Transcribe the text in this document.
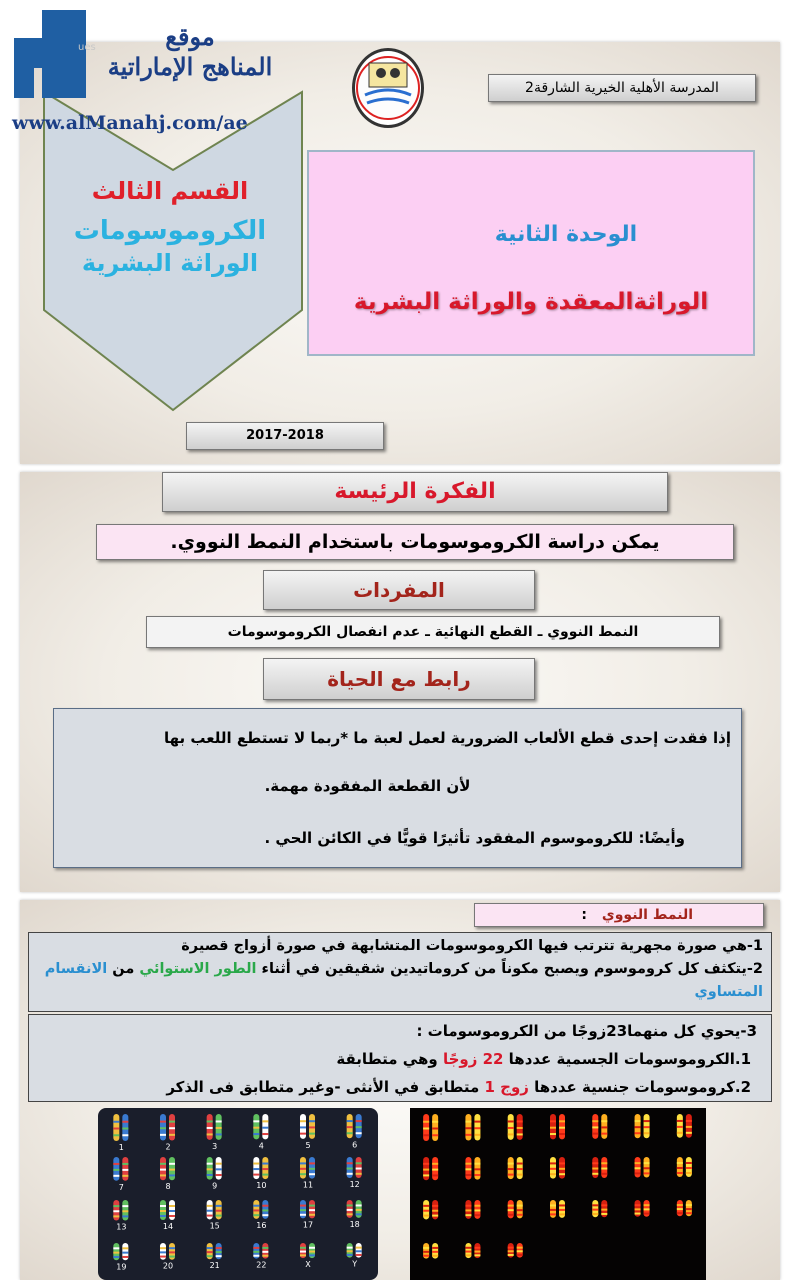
المدرسة الأهلية الخيرية الشارقة2
القسم الثالث
الكروموسومات
الوراثة البشرية
الوحدة الثانية
الوراثةالمعقدة والوراثة البشرية
2017-2018
الفكرة الرئيسة
يمكن دراسة الكروموسومات باستخدام النمط النووي.
المفردات
النمط النووي ـ القطع النهائية ـ عدم انفصال الكروموسومات
رابط مع الحياة
إذا فقدت إحدى قطع الألعاب الضرورية لعمل لعبة ما *ربما لا تستطع اللعب بها
لأن القطعة المفقودة مهمة.
وأيضًا: للكروموسوم المفقود تأثيرًا قويًّا في الكائن الحي .
النمط النووي :
1-هي صورة مجهرية تترتب فيها الكروموسومات المتشابهة في صورة أزواج قصيرة
2-يتكثف كل كروموسوم ويصبح مكوناً من كروماتيدين شقيقين في أثناء الطور الاستوائي من الانقسام المتساوي
3-يحوي كل منهما23زوجًا من الكروموسومات :
1.الكروموسومات الجسمية عددها 22 زوجًا وهي متطابقة
2.كروموسومات جنسية عددها زوج 1 متطابق في الأنثى -وغير متطابق فى الذكر
1	2	3	4	5	6
7	8	9	10	11	12
13	14	15	16	17	18
19	20	21	22	X	Y
ues	موقع
المناهج الإماراتية
www.alManahj.com/ae
